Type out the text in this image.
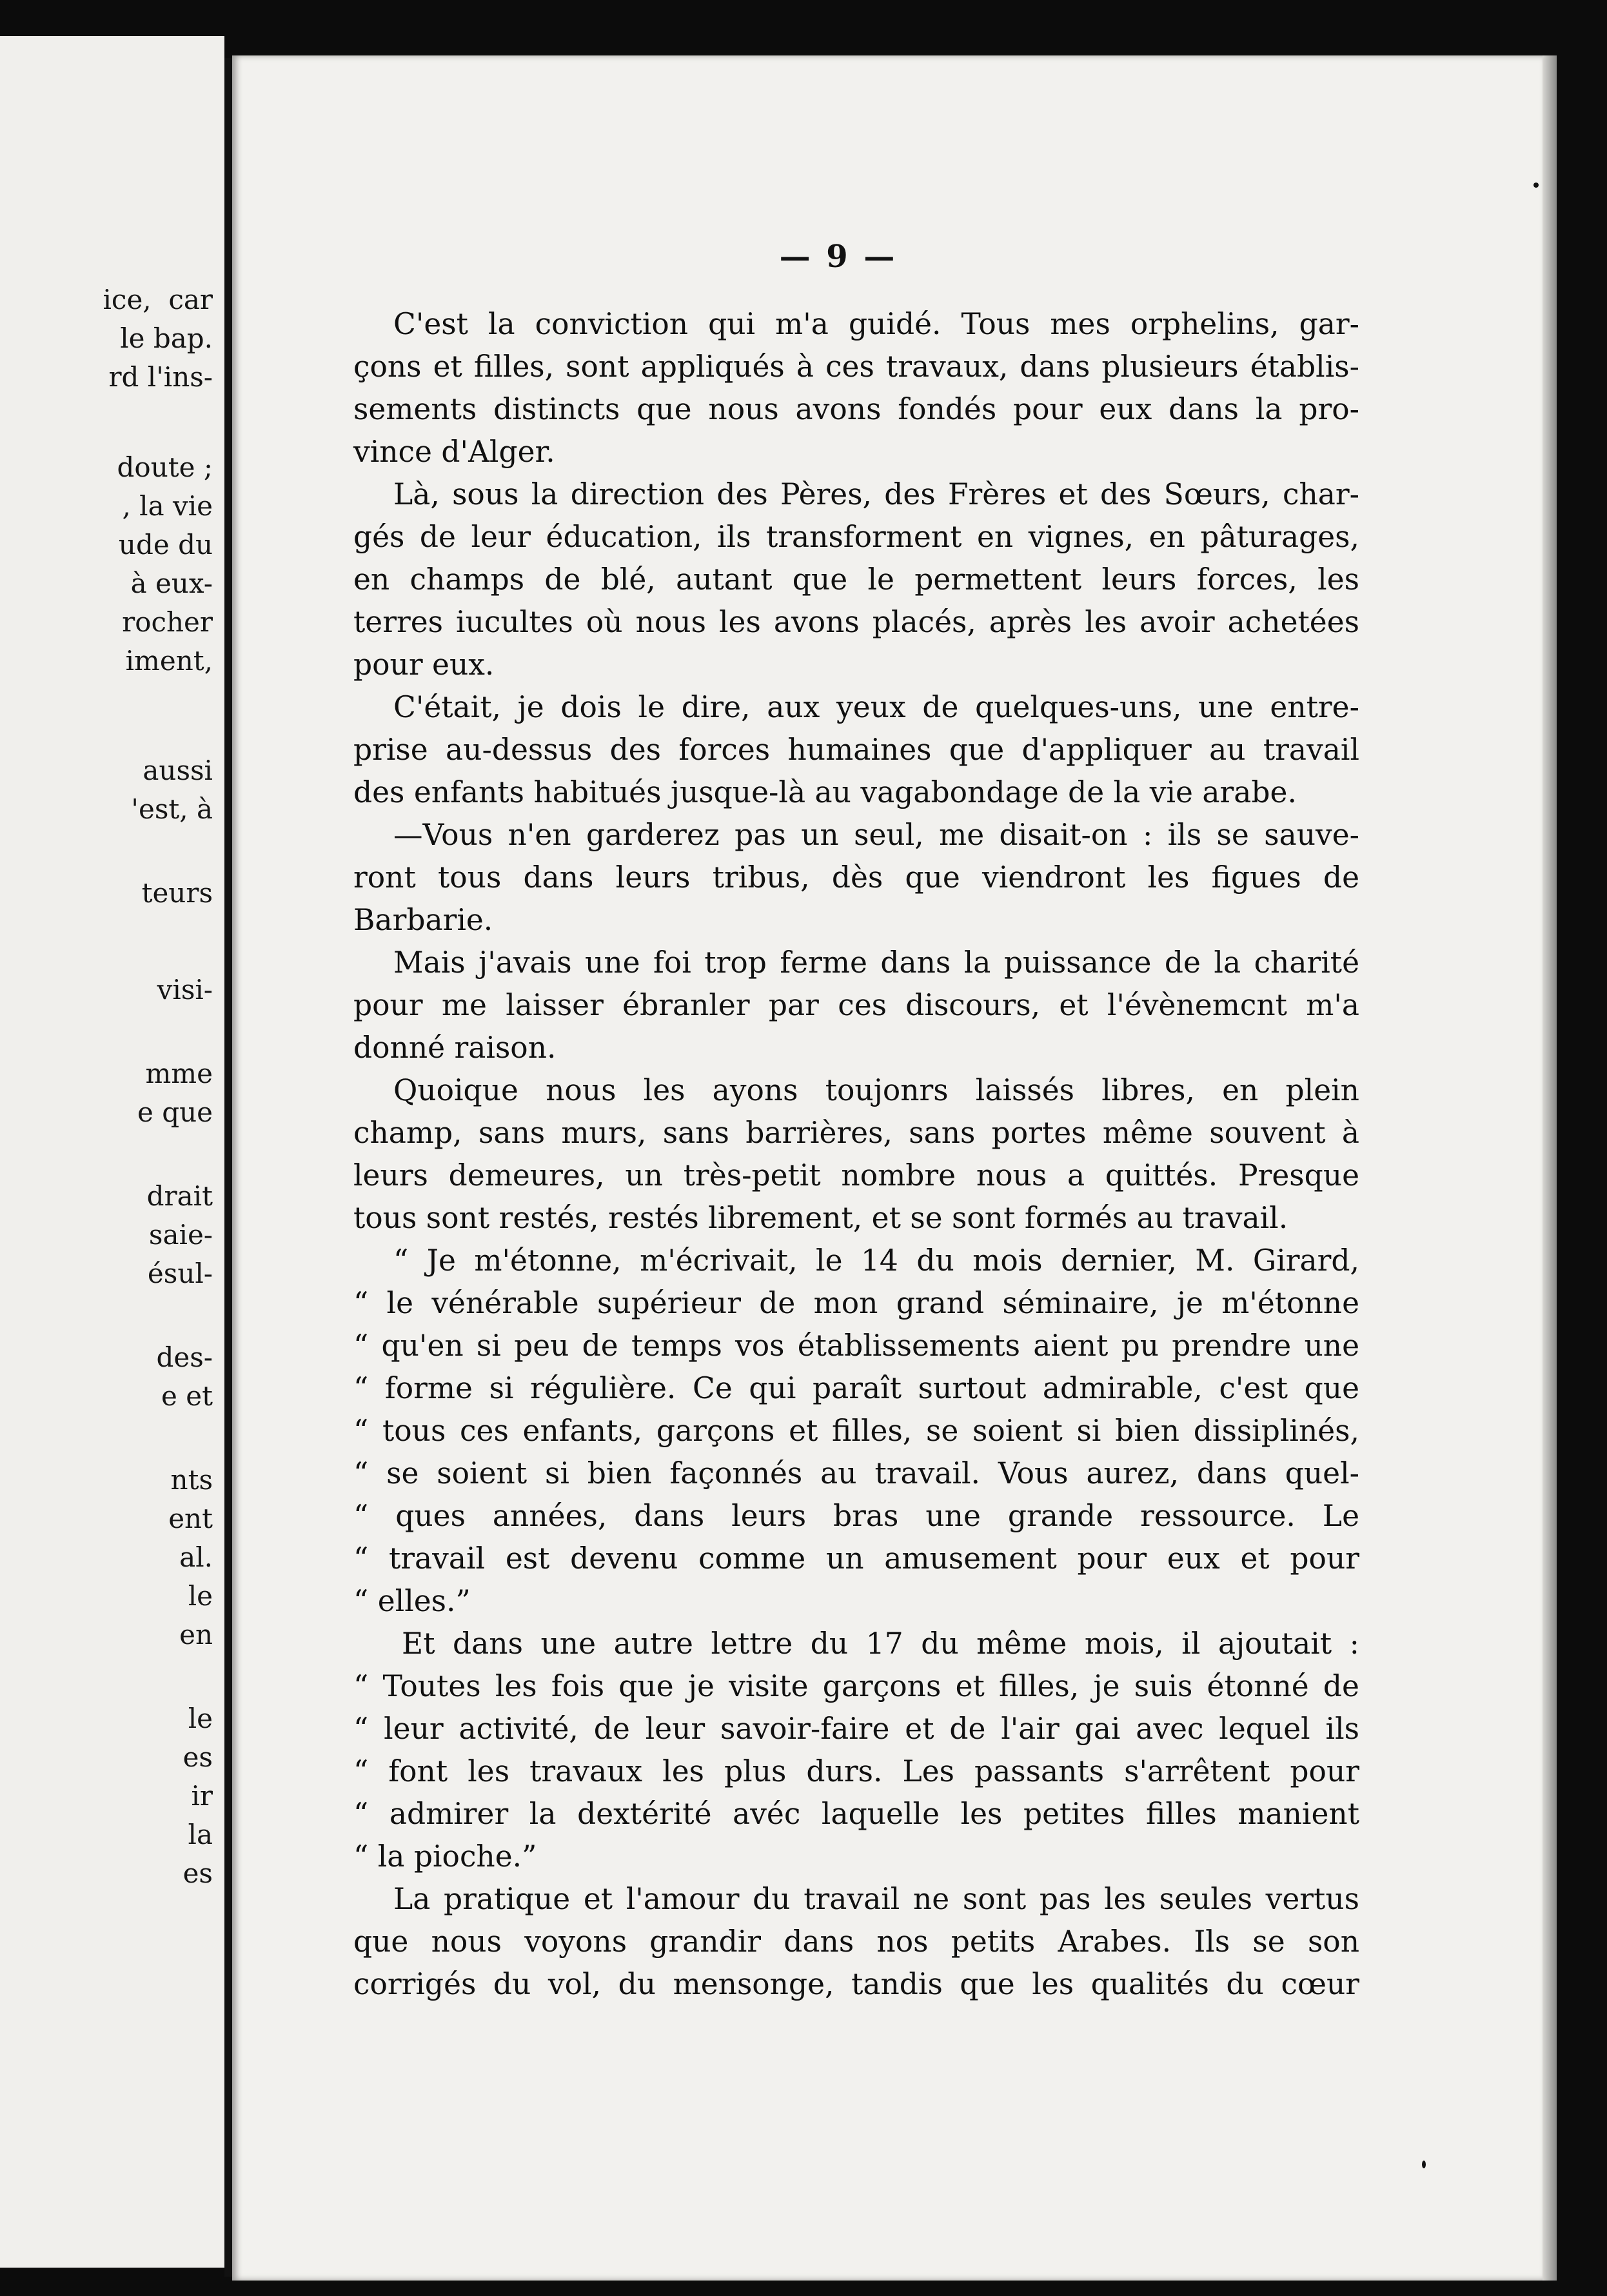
ice,  car
le bap.
rd l'ins-
doute ;
, la vie
ude du
à eux-
rocher
iment,
aussi
'est, à
teurs
visi-
mme
e que
drait
saie-
ésul-
des-
e et
nts
ent
al.
le
en
le
es
ir
la
es
— 9 —
C'est la conviction qui m'a guidé. Tous mes orphelins, gar-
çons et filles, sont appliqués à ces travaux, dans plusieurs établis-
sements distincts que nous avons fondés pour eux dans la pro-
vince d'Alger.
Là, sous la direction des Pères, des Frères et des Sœurs, char-
gés de leur éducation, ils transforment en vignes, en pâturages,
en champs de blé, autant que le permettent leurs forces, les
terres iucultes où nous les avons placés, après les avoir achetées
pour eux.
C'était, je dois le dire, aux yeux de quelques-uns, une entre-
prise au-dessus des forces humaines que d'appliquer au travail
des enfants habitués jusque-là au vagabondage de la vie arabe.
—Vous n'en garderez pas un seul, me disait-on : ils se sauve-
ront tous dans leurs tribus, dès que viendront les figues de
Barbarie.
Mais j'avais une foi trop ferme dans la puissance de la charité
pour me laisser ébranler par ces discours, et l'évènemcnt m'a
donné raison.
Quoique nous les ayons toujonrs laissés libres, en plein
champ, sans murs, sans barrières, sans portes même souvent à
leurs demeures, un très-petit nombre nous a quittés. Presque
tous sont restés, restés librement, et se sont formés au travail.
“ Je m'étonne, m'écrivait, le 14 du mois dernier, M. Girard,
“ le vénérable supérieur de mon grand séminaire, je m'étonne
“ qu'en si peu de temps vos établissements aient pu prendre une
“ forme si régulière. Ce qui paraît surtout admirable, c'est que
“ tous ces enfants, garçons et filles, se soient si bien dissiplinés,
“ se soient si bien façonnés au travail. Vous aurez, dans quel-
“ ques années, dans leurs bras une grande ressource. Le
“ travail est devenu comme un amusement pour eux et pour
“ elles.”
Et dans une autre lettre du 17 du même mois, il ajoutait :
“ Toutes les fois que je visite garçons et filles, je suis étonné de
“ leur activité, de leur savoir-faire et de l'air gai avec lequel ils
“ font les travaux les plus durs. Les passants s'arrêtent pour
“ admirer la dextérité avéc laquelle les petites filles manient
“ la pioche.”
La pratique et l'amour du travail ne sont pas les seules vertus
que nous voyons grandir dans nos petits Arabes. Ils se son
corrigés du vol, du mensonge, tandis que les qualités du cœur
